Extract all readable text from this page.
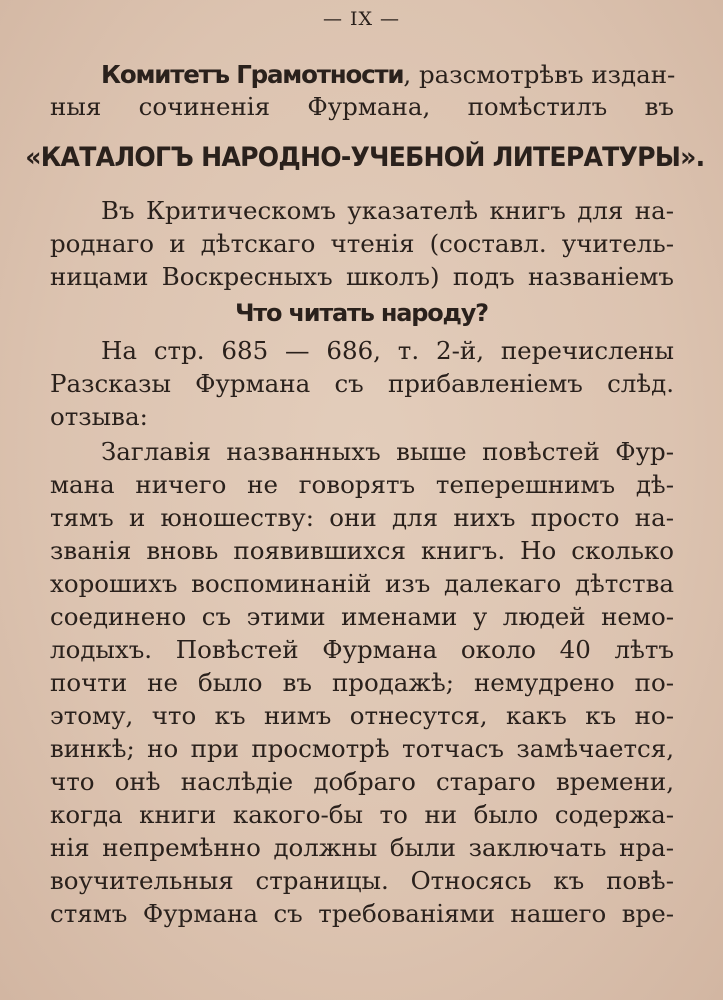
— IX —
Комитетъ Грамотности, разсмотрѣвъ издан-
ныя сочиненія Фурмана, помѣстилъ въ
«КАТАЛОГЪ НАРОДНО-УЧЕБНОЙ ЛИТЕРАТУРЫ».
Въ Критическомъ указателѣ книгъ для на-
роднаго и дѣтскаго чтенія (составл. учитель-
ницами Воскресныхъ школъ) подъ названіемъ
Что читать народу?
На стр. 685 — 686, т. 2-й, перечислены
Разсказы Фурмана съ прибавленіемъ слѣд.
отзыва:
Заглавія названныхъ выше повѣстей Фур-
мана ничего не говорятъ теперешнимъ дѣ-
тямъ и юношеству: они для нихъ просто на-
званія вновь появившихся книгъ. Но сколько
хорошихъ воспоминаній изъ далекаго дѣтства
соединено съ этими именами у людей немо-
лодыхъ. Повѣстей Фурмана около 40 лѣтъ
почти не было въ продажѣ; немудрено по-
этому, что къ нимъ отнесутся, какъ къ но-
винкѣ; но при просмотрѣ тотчасъ замѣчается,
что онѣ наслѣдіе добраго стараго времени,
когда книги какого-бы то ни было содержа-
нія непремѣнно должны были заключать нра-
воучительныя страницы. Относясь къ повѣ-
стямъ Фурмана съ требованіями нашего вре-
